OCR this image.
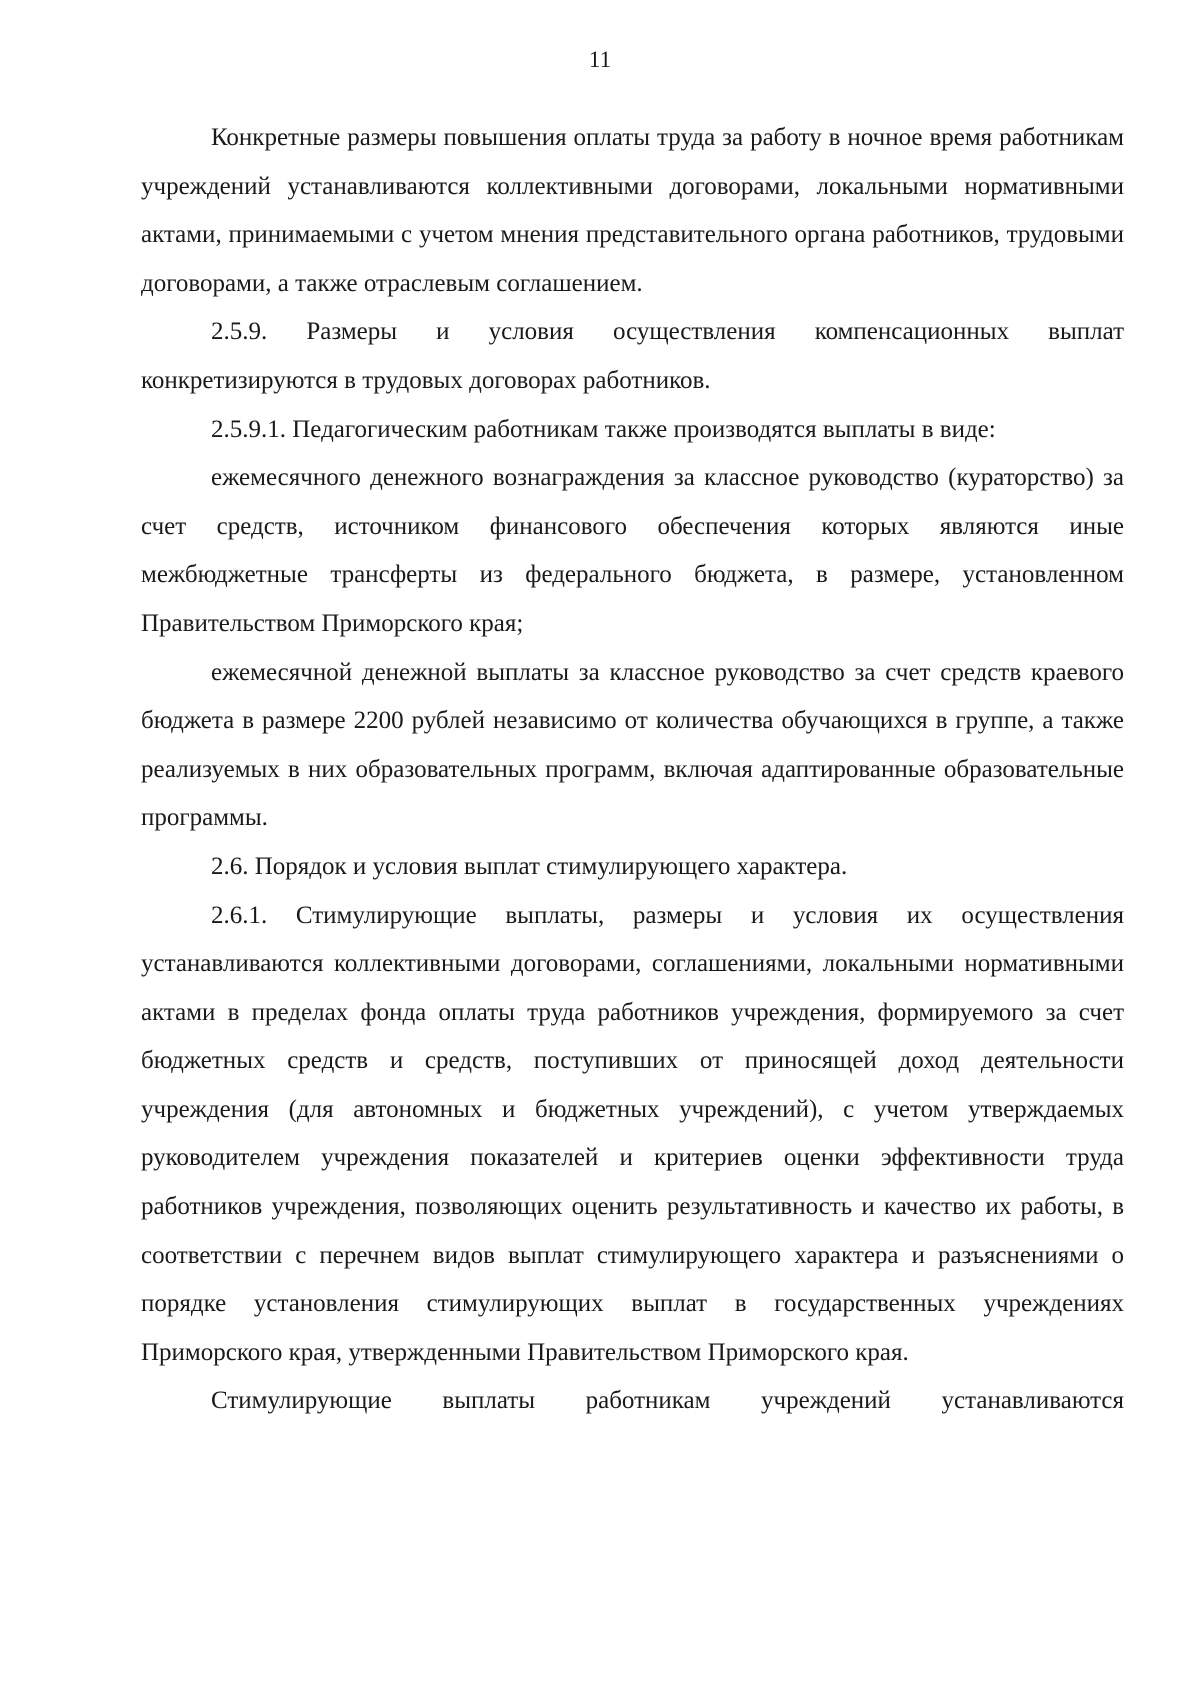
11

Конкретные размеры повышения оплаты труда за работу в ночное время работникам учреждений устанавливаются коллективными договорами, локальными нормативными актами, принимаемыми с учетом мнения представительного органа работников, трудовыми договорами, а также отраслевым соглашением.

2.5.9. Размеры и условия осуществления компенсационных выплат конкретизируются в трудовых договорах работников.

2.5.9.1. Педагогическим работникам также производятся выплаты в виде:

ежемесячного денежного вознаграждения за классное руководство (кураторство) за счет средств, источником финансового обеспечения которых являются иные межбюджетные трансферты из федерального бюджета, в размере, установленном Правительством Приморского края;

ежемесячной денежной выплаты за классное руководство за счет средств краевого бюджета в размере 2200 рублей независимо от количества обучающихся в группе, а также реализуемых в них образовательных программ, включая адаптированные образовательные программы.

2.6. Порядок и условия выплат стимулирующего характера.

2.6.1. Стимулирующие выплаты, размеры и условия их осуществления устанавливаются коллективными договорами, соглашениями, локальными нормативными актами в пределах фонда оплаты труда работников учреждения, формируемого за счет бюджетных средств и средств, поступивших от приносящей доход деятельности учреждения (для автономных и бюджетных учреждений), с учетом утверждаемых руководителем учреждения показателей и критериев оценки эффективности труда работников учреждения, позволяющих оценить результативность и качество их работы, в соответствии с перечнем видов выплат стимулирующего характера и разъяснениями о порядке установления стимулирующих выплат в государственных учреждениях Приморского края, утвержденными Правительством Приморского края.

Стимулирующие выплаты работникам учреждений устанавливаются
